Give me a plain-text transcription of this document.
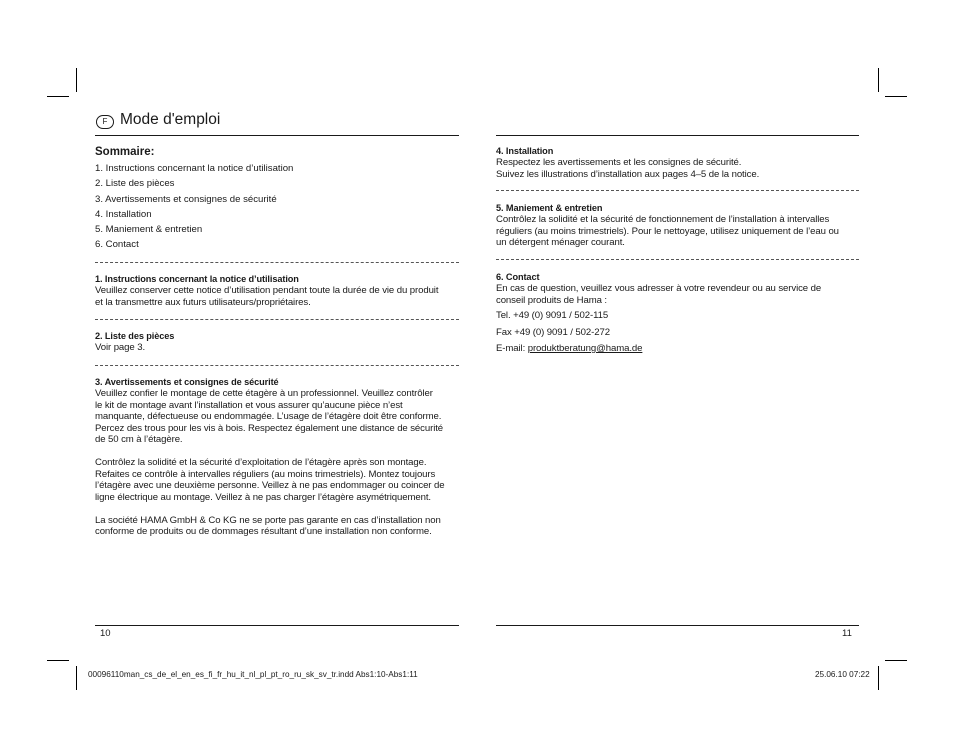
F Mode d'emploi
Sommaire:
1. Instructions concernant la notice d’utilisation
2. Liste des pièces
3. Avertissements et consignes de sécurité
4. Installation
5. Maniement & entretien
6. Contact
1. Instructions concernant la notice d’utilisation
Veuillez conserver cette notice d’utilisation pendant toute la durée de vie du produit
et la transmettre aux futurs utilisateurs/propriétaires.
2. Liste des pièces
Voir page 3.
3. Avertissements et consignes de sécurité
Veuillez confier le montage de cette étagère à un professionnel. Veuillez contrôler
le kit de montage avant l’installation et vous assurer qu’aucune pièce n’est
manquante, défectueuse ou endommagée. L’usage de l’étagère doit être conforme.
Percez des trous pour les vis à bois. Respectez également une distance de sécurité
de 50 cm à l’étagère.
Contrôlez la solidité et la sécurité d’exploitation de l’étagère après son montage.
Refaites ce contrôle à intervalles réguliers (au moins trimestriels). Montez toujours
l’étagère avec une deuxième personne. Veillez à ne pas endommager ou coincer de
ligne électrique au montage. Veillez à ne pas charger l’étagère asymétriquement.
La société HAMA GmbH & Co KG ne se porte pas garante en cas d’installation non
conforme de produits ou de dommages résultant d’une installation non conforme.
4. Installation
Respectez les avertissements et les consignes de sécurité.
Suivez les illustrations d’installation aux pages 4–5 de la notice.
5. Maniement & entretien
Contrôlez la solidité et la sécurité de fonctionnement de l’installation à intervalles
réguliers (au moins trimestriels). Pour le nettoyage, utilisez uniquement de l’eau ou
un détergent ménager courant.
6. Contact
En cas de question, veuillez vous adresser à votre revendeur ou au service de
conseil produits de Hama :
Tel. +49 (0) 9091 / 502-115
Fax +49 (0) 9091 / 502-272
E-mail: produktberatung@hama.de
10	11
00096110man_cs_de_el_en_es_fi_fr_hu_it_nl_pl_pt_ro_ru_sk_sv_tr.indd Abs1:10-Abs1:11	25.06.10 07:22
